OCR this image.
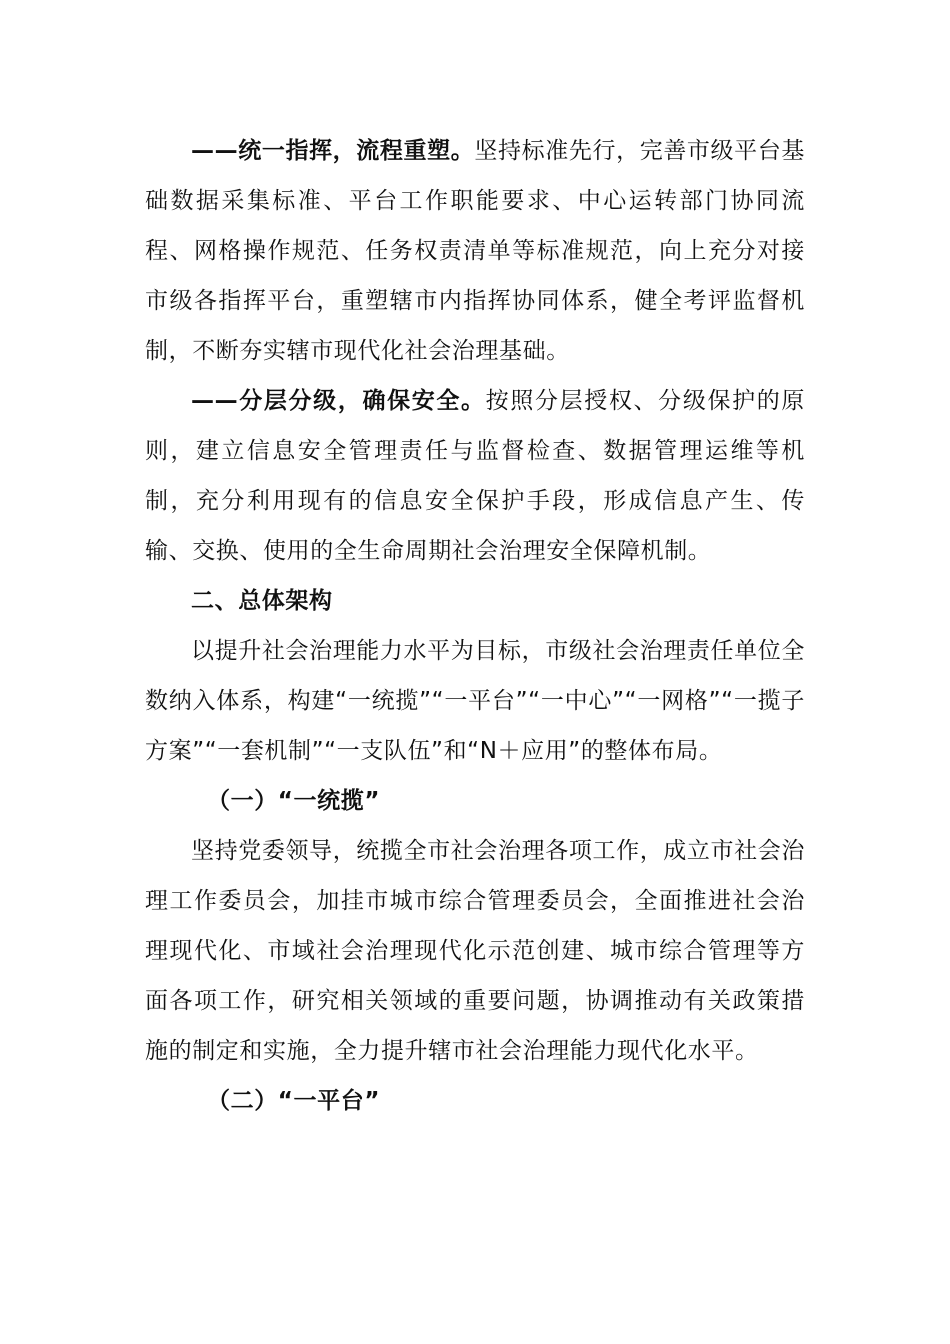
——统一指挥，流程重塑。坚持标准先行，完善市级平台基础数据采集标准、平台工作职能要求、中心运转部门协同流程、网格操作规范、任务权责清单等标准规范，向上充分对接市级各指挥平台，重塑辖市内指挥协同体系，健全考评监督机制，不断夯实辖市现代化社会治理基础。

——分层分级，确保安全。按照分层授权、分级保护的原则，建立信息安全管理责任与监督检查、数据管理运维等机制，充分利用现有的信息安全保护手段，形成信息产生、传输、交换、使用的全生命周期社会治理安全保障机制。

二、总体架构

以提升社会治理能力水平为目标，市级社会治理责任单位全数纳入体系，构建“一统揽”“一平台”“一中心”“一网格”“一揽子方案”“一套机制”“一支队伍”和“N＋应用”的整体布局。

（一）“一统揽”

坚持党委领导，统揽全市社会治理各项工作，成立市社会治理工作委员会，加挂市城市综合管理委员会，全面推进社会治理现代化、市域社会治理现代化示范创建、城市综合管理等方面各项工作，研究相关领域的重要问题，协调推动有关政策措施的制定和实施，全力提升辖市社会治理能力现代化水平。

（二）“一平台”
